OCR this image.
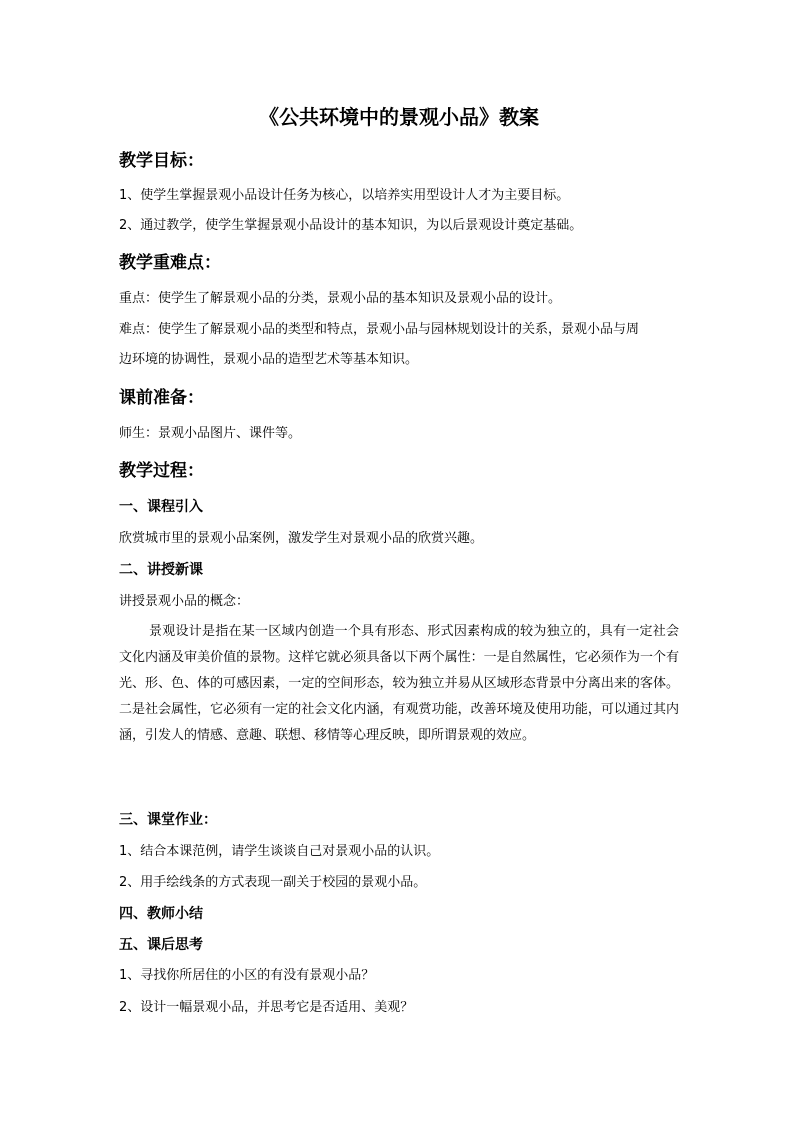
《公共环境中的景观小品》教案
教学目标：
1、使学生掌握景观小品设计任务为核心，以培养实用型设计人才为主要目标。
2、通过教学，使学生掌握景观小品设计的基本知识，为以后景观设计奠定基础。
教学重难点：
重点：使学生了解景观小品的分类，景观小品的基本知识及景观小品的设计。
难点：使学生了解景观小品的类型和特点，景观小品与园林规划设计的关系，景观小品与周
边环境的协调性，景观小品的造型艺术等基本知识。
课前准备：
师生：景观小品图片、课件等。
教学过程：
一、课程引入
欣赏城市里的景观小品案例，激发学生对景观小品的欣赏兴趣。
二、讲授新课
讲授景观小品的概念：
景观设计是指在某一区域内创造一个具有形态、形式因素构成的较为独立的，具有一定社会文化内涵及审美价值的景物。这样它就必须具备以下两个属性：一是自然属性，它必须作为一个有光、形、色、体的可感因素，一定的空间形态，较为独立并易从区域形态背景中分离出来的客体。二是社会属性，它必须有一定的社会文化内涵，有观赏功能，改善环境及使用功能，可以通过其内涵，引发人的情感、意趣、联想、移情等心理反映，即所谓景观的效应。
三、课堂作业：
1、结合本课范例，请学生谈谈自己对景观小品的认识。
2、用手绘线条的方式表现一副关于校园的景观小品。
四、教师小结
五、课后思考
1、寻找你所居住的小区的有没有景观小品？
2、设计一幅景观小品，并思考它是否适用、美观？
